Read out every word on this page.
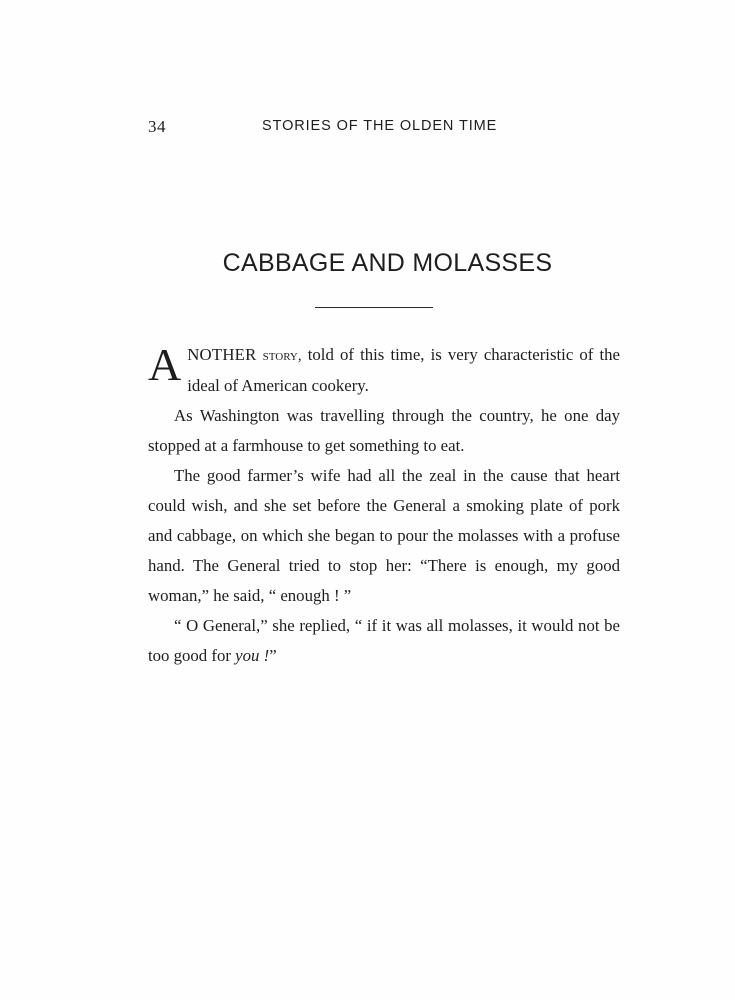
34	STORIES OF THE OLDEN TIME
CABBAGE AND MOLASSES

ANOTHER story, told of this time, is very characteristic of the ideal of American cookery.

As Washington was travelling through the country, he one day stopped at a farmhouse to get something to eat.

The good farmer’s wife had all the zeal in the cause that heart could wish, and she set before the General a smoking plate of pork and cabbage, on which she began to pour the molasses with a profuse hand. The General tried to stop her: “There is enough, my good woman,” he said, “ enough ! ”

“ O General,” she replied, “ if it was all molasses, it would not be too good for you !”
